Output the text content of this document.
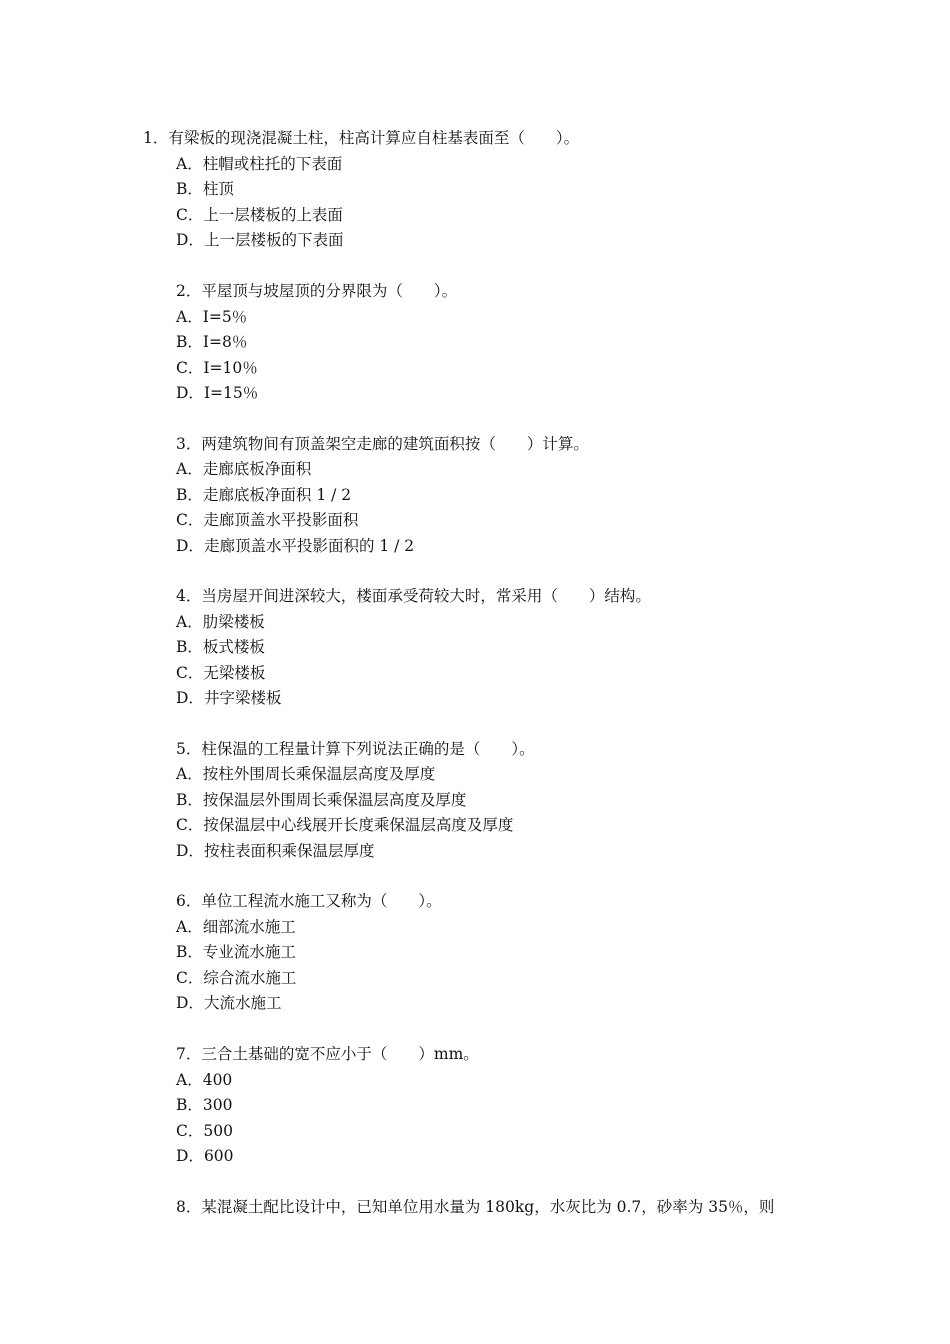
1．有梁板的现浇混凝土柱，柱高计算应自柱基表面至（　　）。
A．柱帽或柱托的下表面
B．柱顶
C．上一层楼板的上表面
D．上一层楼板的下表面
2．平屋顶与坡屋顶的分界限为（　　）。
A．I=5％
B．I=8％
C．I=10％
D．I=15％
3．两建筑物间有顶盖架空走廊的建筑面积按（　　）计算。
A．走廊底板净面积
B．走廊底板净面积 1 / 2
C．走廊顶盖水平投影面积
D．走廊顶盖水平投影面积的 1 / 2
4．当房屋开间进深较大，楼面承受荷较大时，常采用（　　）结构。
A．肋梁楼板
B．板式楼板
C．无梁楼板
D．井字梁楼板
5．柱保温的工程量计算下列说法正确的是（　　）。
A．按柱外围周长乘保温层高度及厚度
B．按保温层外围周长乘保温层高度及厚度
C．按保温层中心线展开长度乘保温层高度及厚度
D．按柱表面积乘保温层厚度
6．单位工程流水施工又称为（　　）。
A．细部流水施工
B．专业流水施工
C．综合流水施工
D．大流水施工
7．三合土基础的宽不应小于（　　）mm。
A．400
B．300
C．500
D．600
8．某混凝土配比设计中，已知单位用水量为 180kg，水灰比为 0.7，砂率为 35％，则
